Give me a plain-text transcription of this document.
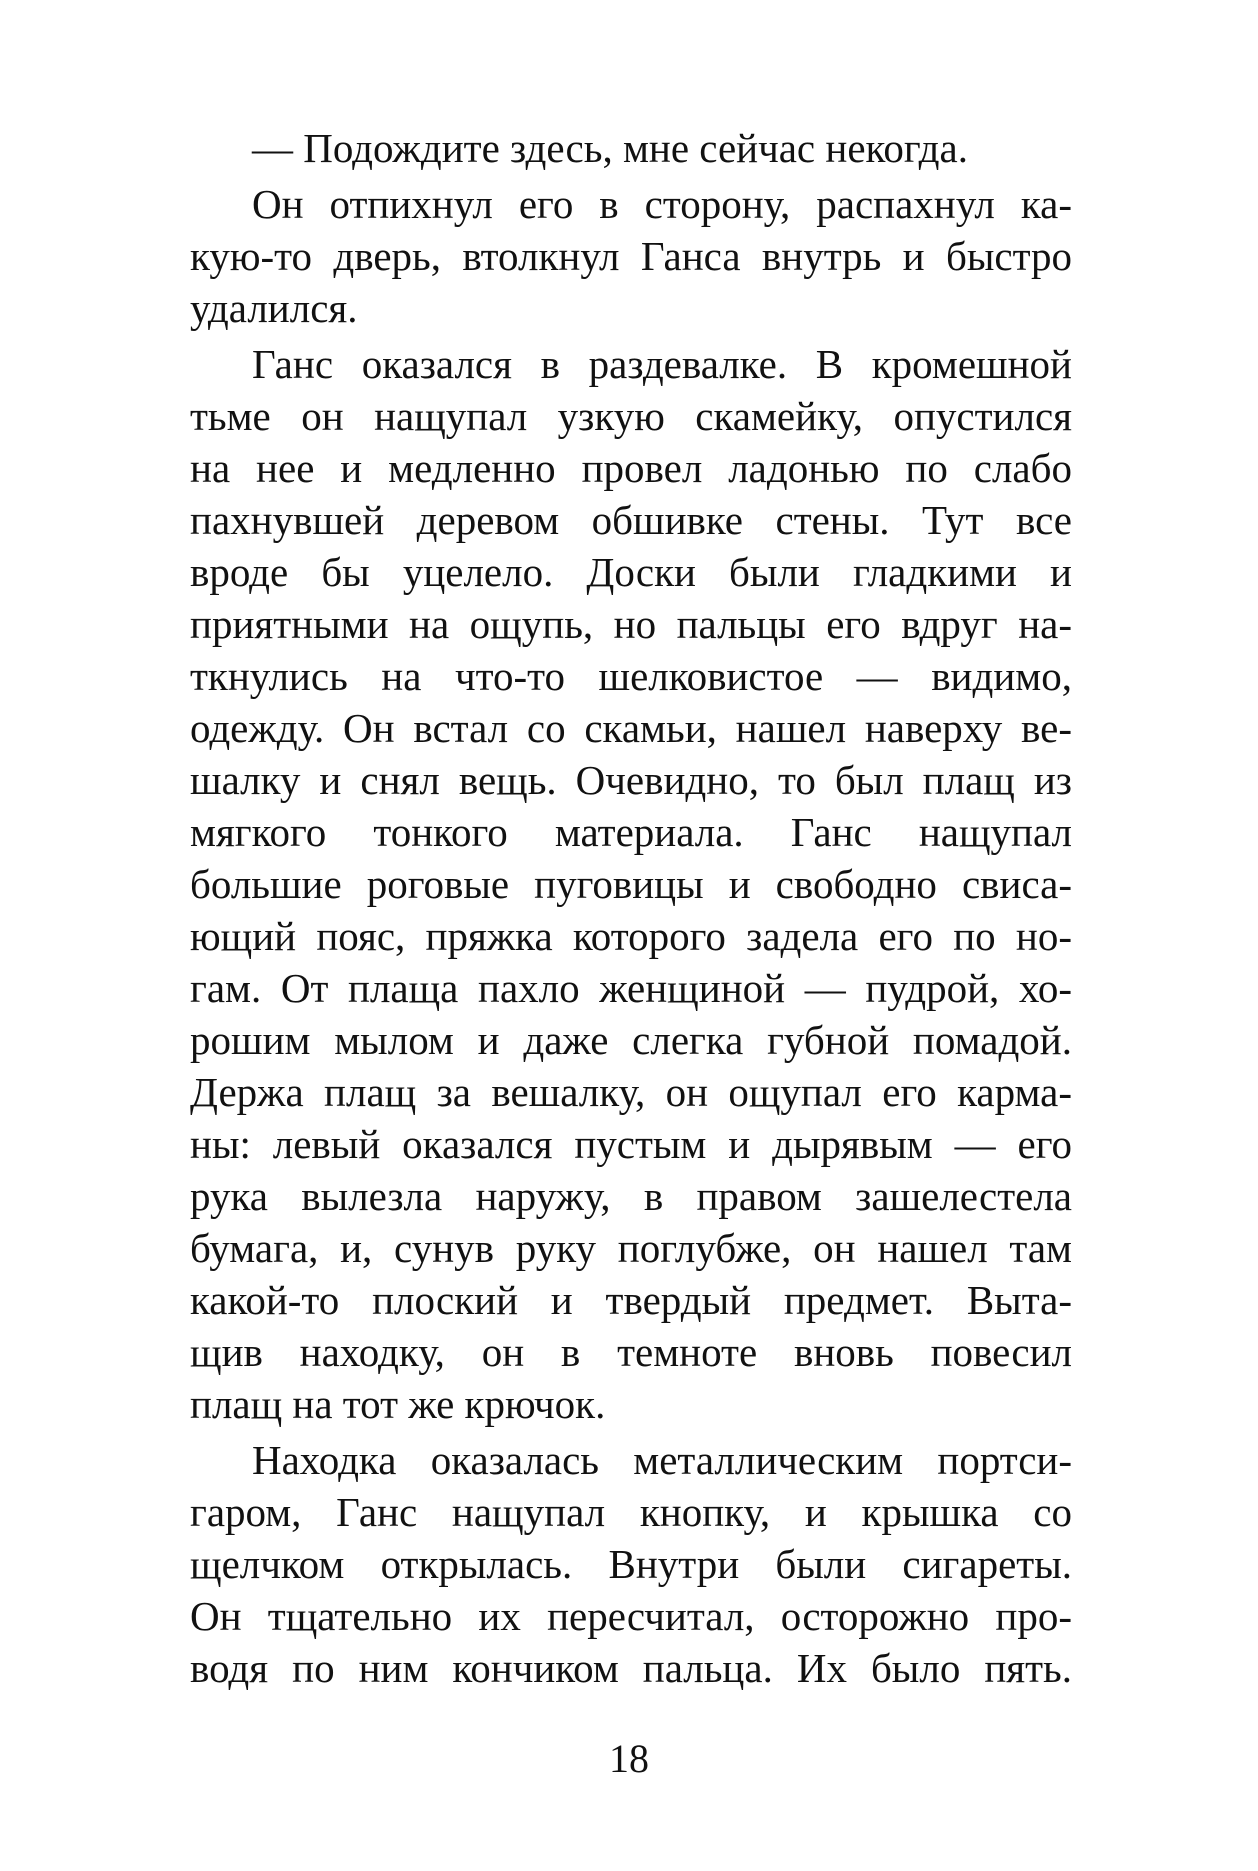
— Подождите здесь, мне сейчас некогда.
Он отпихнул его в сторону, распахнул ка-
кую-то дверь, втолкнул Ганса внутрь и быстро
удалился.
Ганс оказался в раздевалке. В кромешной
тьме он нащупал узкую скамейку, опустился
на нее и медленно провел ладонью по слабо
пахнувшей деревом обшивке стены. Тут все
вроде бы уцелело. Доски были гладкими и
приятными на ощупь, но пальцы его вдруг на-
ткнулись на что-то шелковистое — видимо,
одежду. Он встал со скамьи, нашел наверху ве-
шалку и снял вещь. Очевидно, то был плащ из
мягкого тонкого материала. Ганс нащупал
большие роговые пуговицы и свободно свиса-
ющий пояс, пряжка которого задела его по но-
гам. От плаща пахло женщиной — пудрой, хо-
рошим мылом и даже слегка губной помадой.
Держа плащ за вешалку, он ощупал его карма-
ны: левый оказался пустым и дырявым — его
рука вылезла наружу, в правом зашелестела
бумага, и, сунув руку поглубже, он нашел там
какой-то плоский и твердый предмет. Выта-
щив находку, он в темноте вновь повесил
плащ на тот же крючок.
Находка оказалась металлическим портси-
гаром, Ганс нащупал кнопку, и крышка со
щелчком открылась. Внутри были сигареты.
Он тщательно их пересчитал, осторожно про-
водя по ним кончиком пальца. Их было пять.
18
